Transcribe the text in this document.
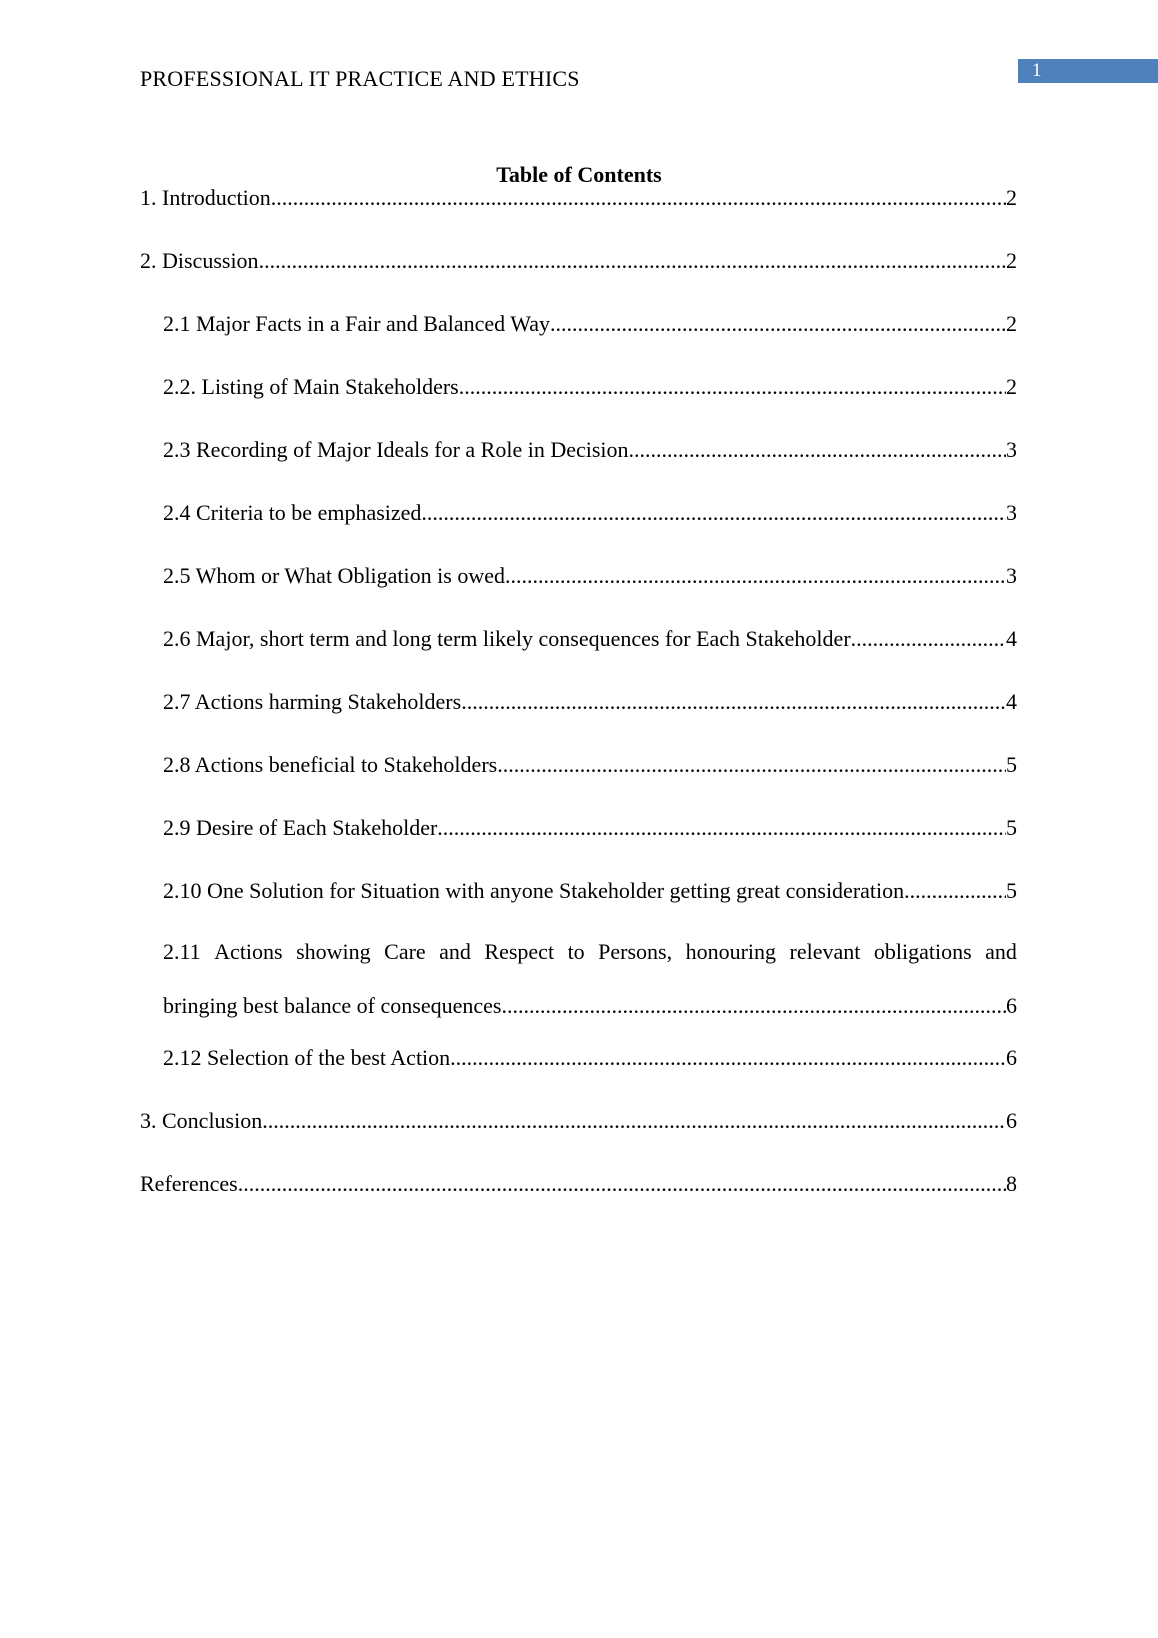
PROFESSIONAL IT PRACTICE AND ETHICS	1
Table of Contents
1. Introduction .....	2
2. Discussion .....	2
2.1 Major Facts in a Fair and Balanced Way .....	2
2.2. Listing of Main Stakeholders .....	2
2.3 Recording of Major Ideals for a Role in Decision .....	3
2.4 Criteria to be emphasized .....	3
2.5 Whom or What Obligation is owed .....	3
2.6 Major, short term and long term likely consequences for Each Stakeholder .....	4
2.7 Actions harming Stakeholders .....	4
2.8 Actions beneficial to Stakeholders .....	5
2.9 Desire of Each Stakeholder .....	5
2.10 One Solution for Situation with anyone Stakeholder getting great consideration .....	5
2.11 Actions showing Care and Respect to Persons, honouring relevant obligations and
bringing best balance of consequences .....	6
2.12 Selection of the best Action .....	6
3. Conclusion .....	6
References .....	8
